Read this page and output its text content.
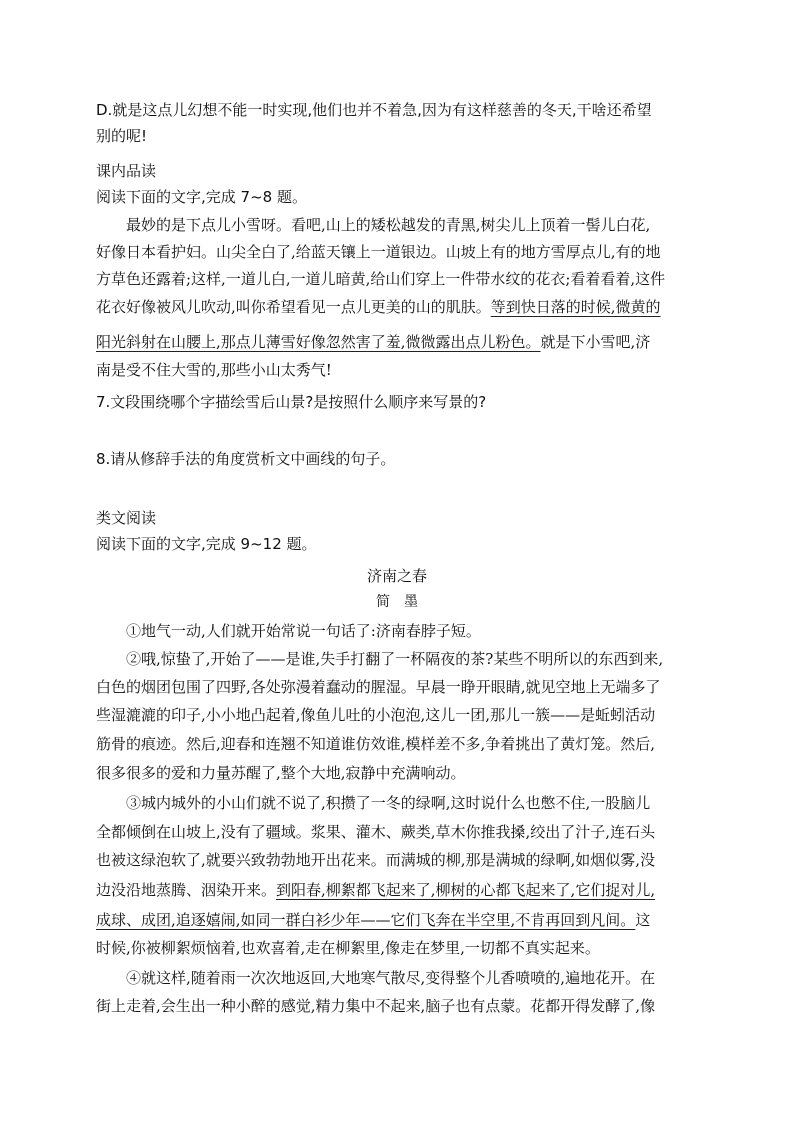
D.就是这点儿幻想不能一时实现,他们也并不着急,因为有这样慈善的冬天,干啥还希望
别的呢!
课内品读
阅读下面的文字,完成 7~8 题。
最妙的是下点儿小雪呀。看吧,山上的矮松越发的青黑,树尖儿上顶着一髻儿白花,
好像日本看护妇。山尖全白了,给蓝天镶上一道银边。山坡上有的地方雪厚点儿,有的地
方草色还露着;这样,一道儿白,一道儿暗黄,给山们穿上一件带水纹的花衣;看着看着,这件
花衣好像被风儿吹动,叫你希望看见一点儿更美的山的肌肤。等到快日落的时候,微黄的
阳光斜射在山腰上,那点儿薄雪好像忽然害了羞,微微露出点儿粉色。就是下小雪吧,济
南是受不住大雪的,那些小山太秀气!
7.文段围绕哪个字描绘雪后山景?是按照什么顺序来写景的?
8.请从修辞手法的角度赏析文中画线的句子。
类文阅读
阅读下面的文字,完成 9~12 题。
济南之春
简　墨
①地气一动,人们就开始常说一句话了:济南春脖子短。
②哦,惊蛰了,开始了——是谁,失手打翻了一杯隔夜的茶?某些不明所以的东西到来,
白色的烟团包围了四野,各处弥漫着蠢动的腥湿。早晨一睁开眼睛,就见空地上无端多了
些湿漉漉的印子,小小地凸起着,像鱼儿吐的小泡泡,这儿一团,那儿一簇——是蚯蚓活动
筋骨的痕迹。然后,迎春和连翘不知道谁仿效谁,模样差不多,争着挑出了黄灯笼。然后,
很多很多的爱和力量苏醒了,整个大地,寂静中充满响动。
③城内城外的小山们就不说了,积攒了一冬的绿啊,这时说什么也憋不住,一股脑儿
全都倾倒在山坡上,没有了疆域。浆果、灌木、蕨类,草木你推我搡,绞出了汁子,连石头
也被这绿泡软了,就要兴致勃勃地开出花来。而满城的柳,那是满城的绿啊,如烟似雾,没
边没沿地蒸腾、洇染开来。到阳春,柳絮都飞起来了,柳树的心都飞起来了,它们捉对儿,
成球、成团,追逐嬉闹,如同一群白衫少年——它们飞奔在半空里,不肯再回到凡间。这
时候,你被柳絮烦恼着,也欢喜着,走在柳絮里,像走在梦里,一切都不真实起来。
④就这样,随着雨一次次地返回,大地寒气散尽,变得整个儿香喷喷的,遍地花开。在
街上走着,会生出一种小醉的感觉,精力集中不起来,脑子也有点蒙。花都开得发酵了,像
